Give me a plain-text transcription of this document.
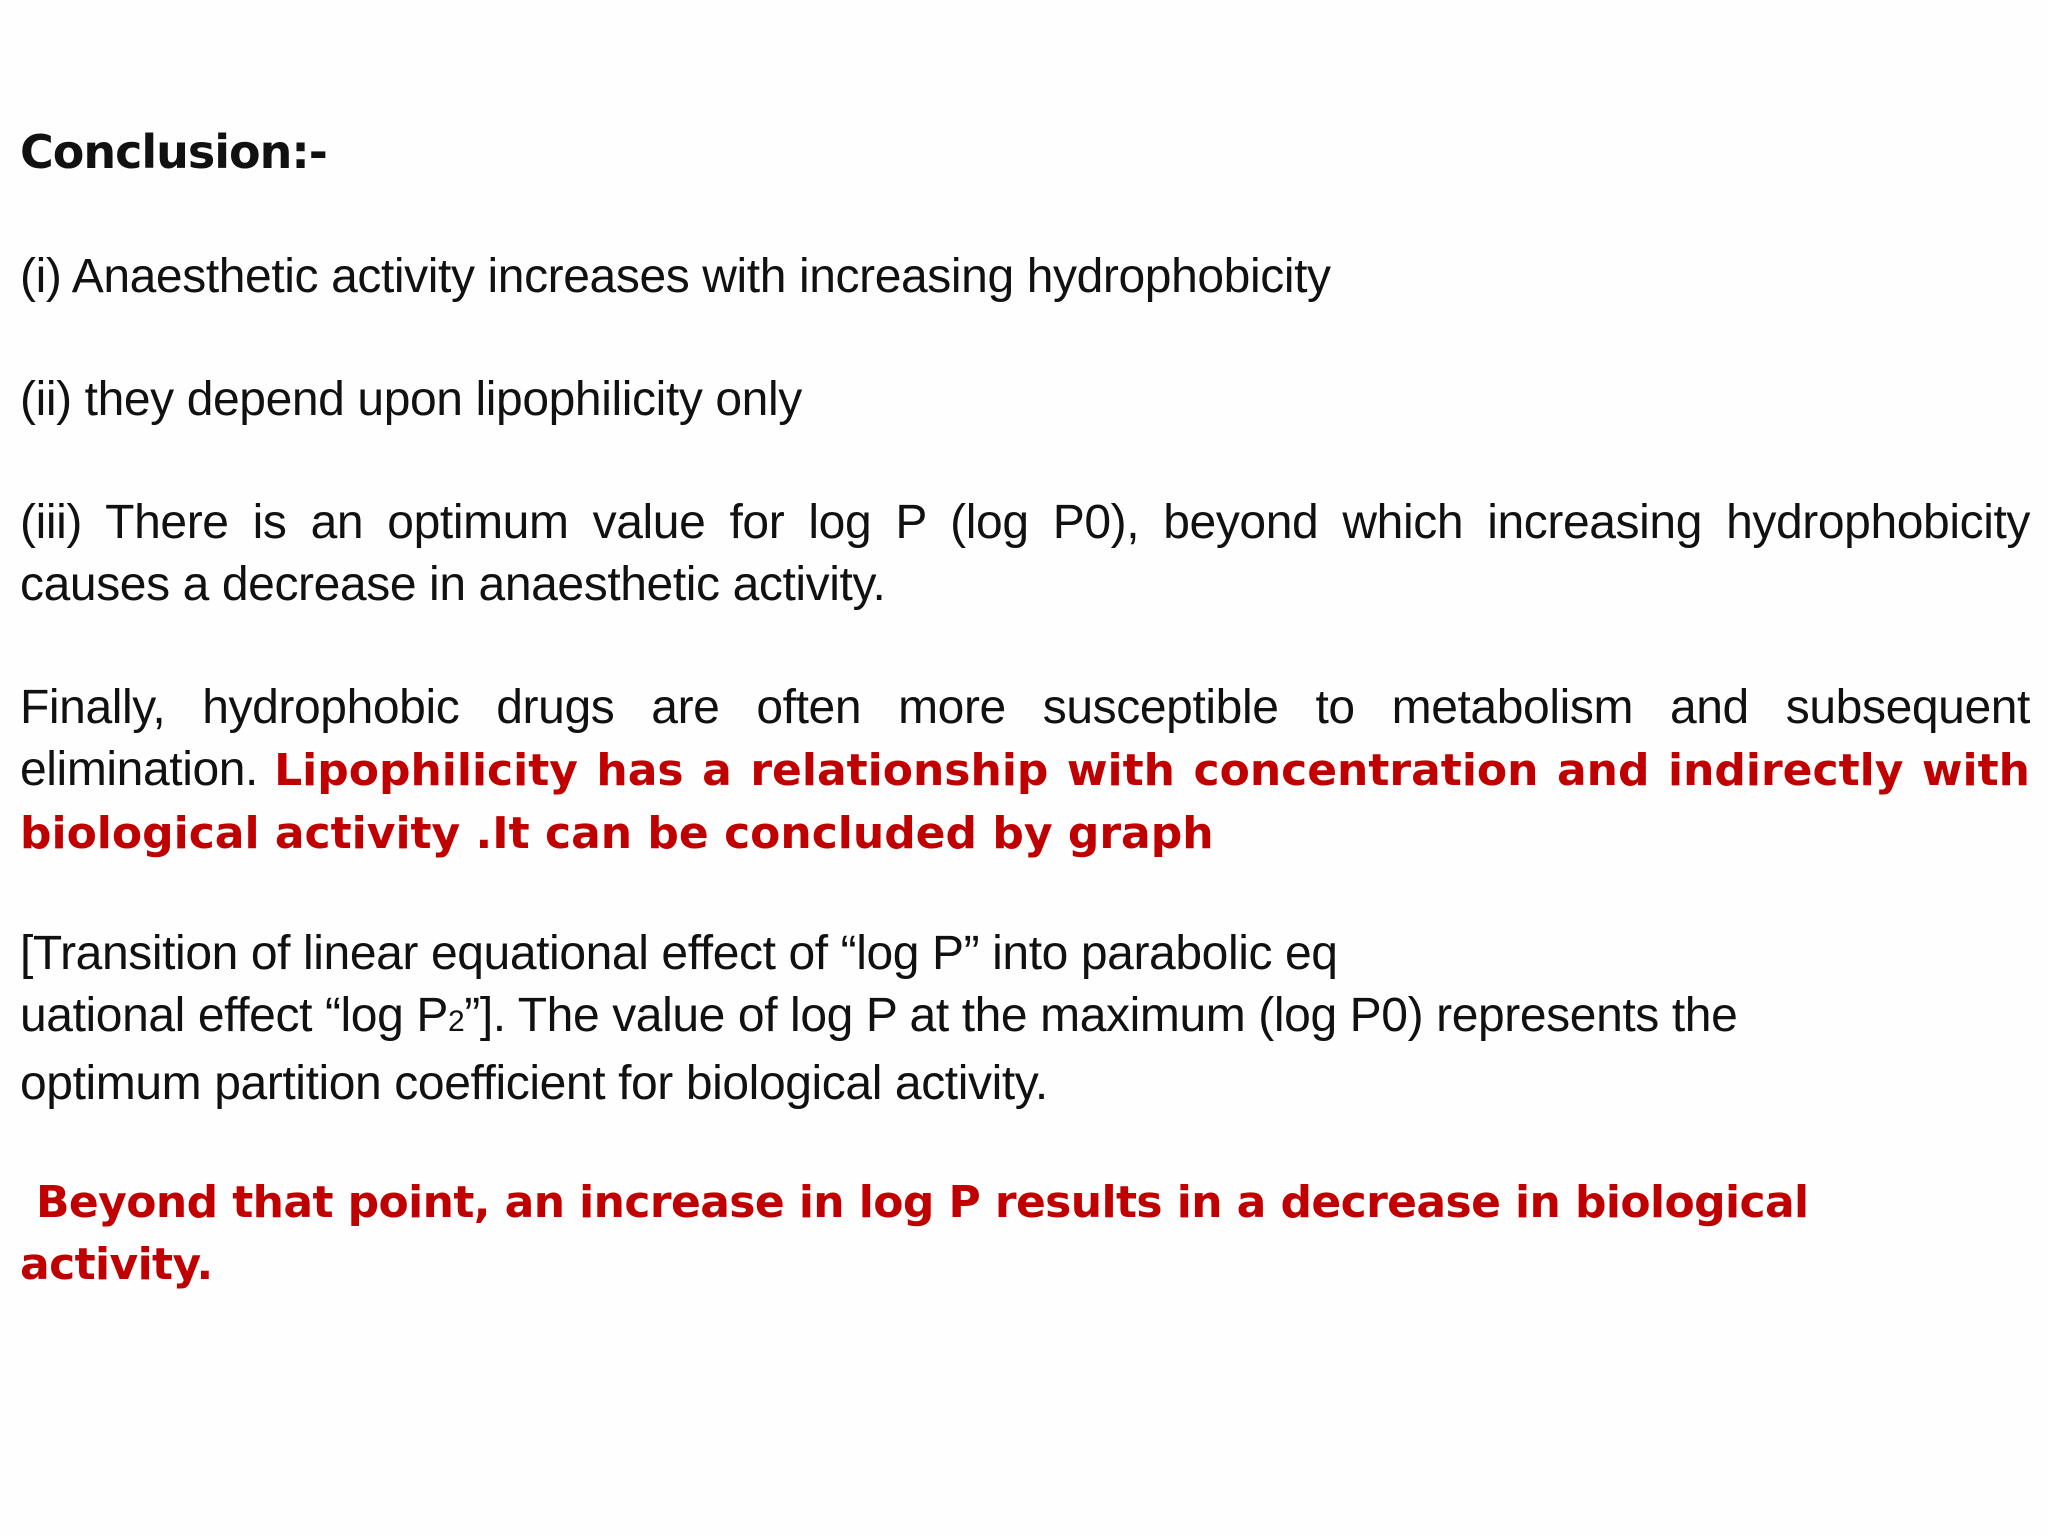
Conclusion:-

(i) Anaesthetic activity increases with increasing hydrophobicity

(ii) they depend upon lipophilicity only

(iii) There is an optimum value for log P (log P0), beyond which increasing hydrophobicity causes a decrease in anaesthetic activity.

Finally, hydrophobic drugs are often more susceptible to metabolism and subsequent elimination. Lipophilicity has a relationship with concentration and indirectly with biological activity .It can be concluded by graph

[Transition of linear equational effect of “log P” into parabolic eq
uational effect “log P2”]. The value of log P at the maximum (log P0) represents the
optimum partition coefficient for biological activity.

Beyond that point, an increase in log P results in a decrease in biological activity.
